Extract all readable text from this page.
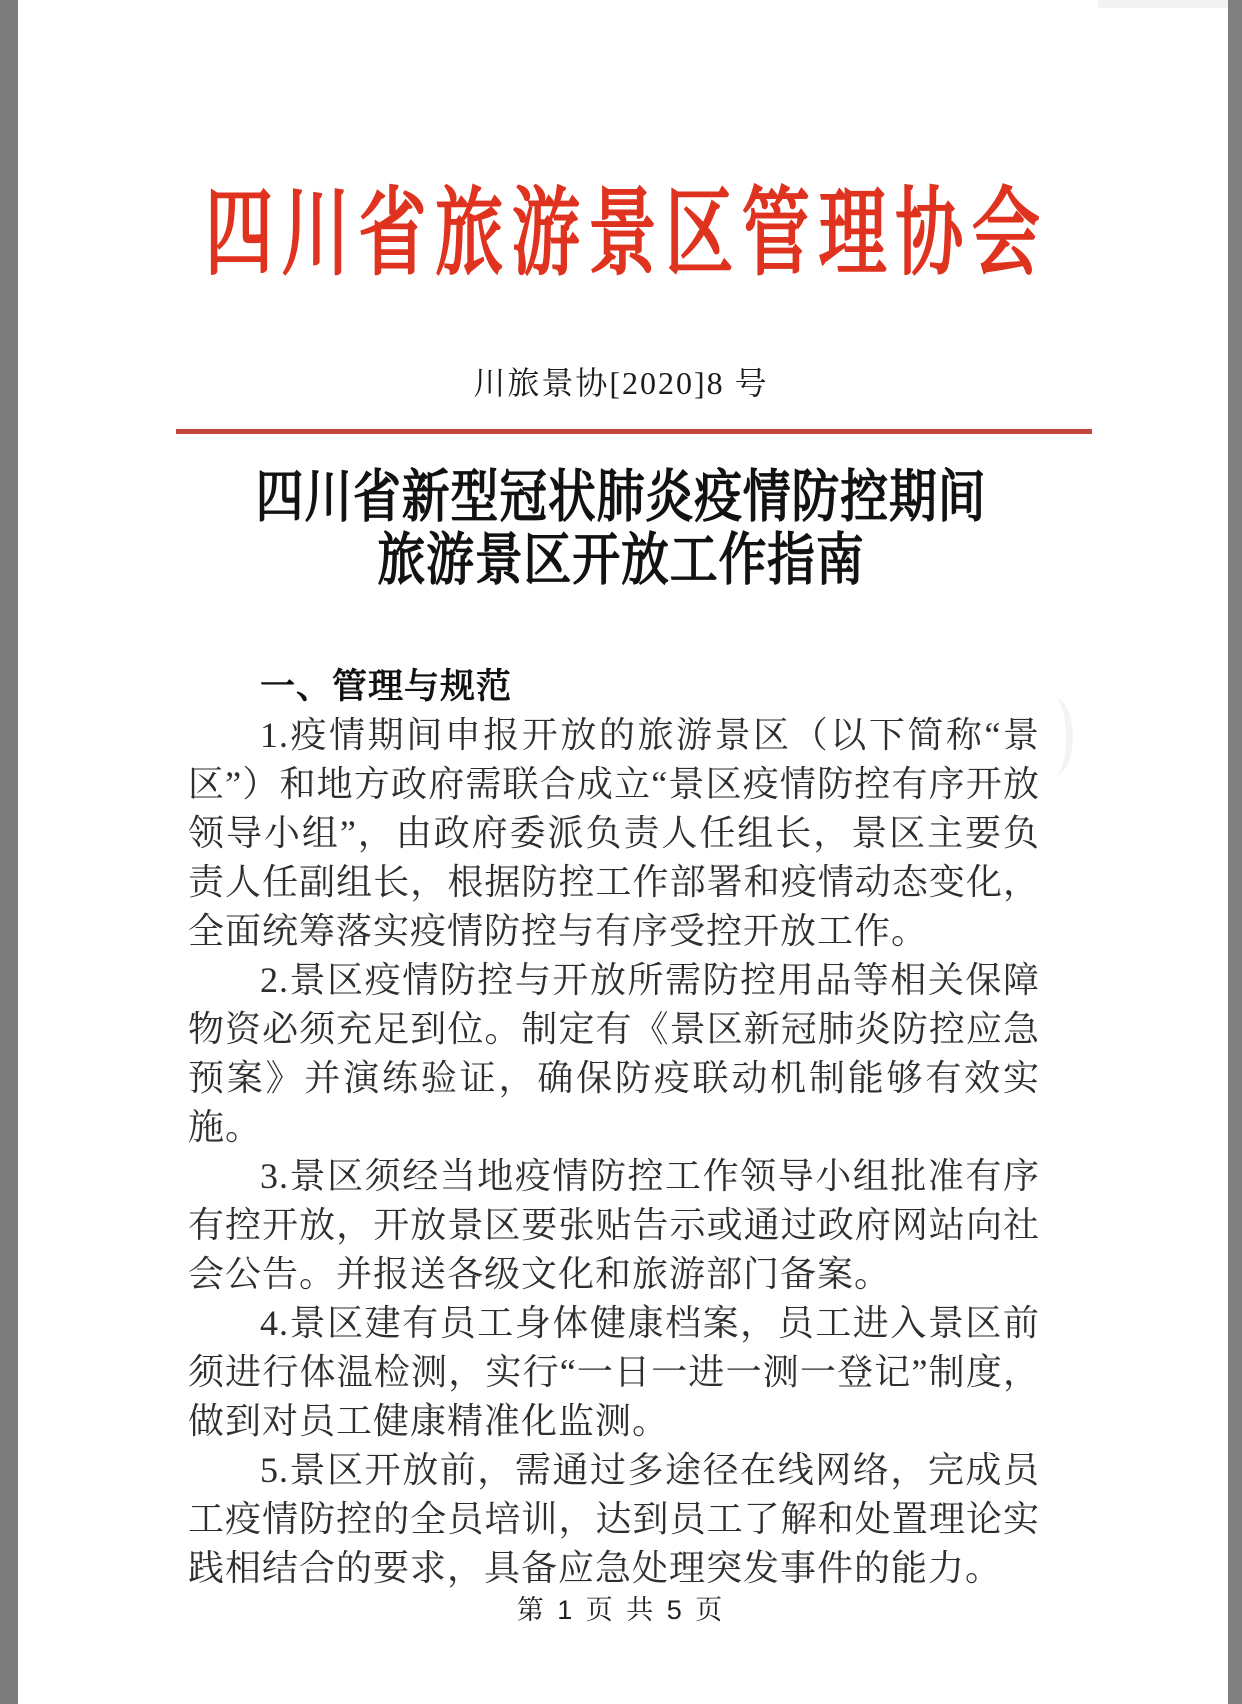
四川省旅游景区管理协会
川旅景协[2020]8 号
四川省新型冠状肺炎疫情防控期间
旅游景区开放工作指南

一、管理与规范

1.疫情期间申报开放的旅游景区（以下简称“景区”）和地方政府需联合成立“景区疫情防控有序开放领导小组”，由政府委派负责人任组长，景区主要负责人任副组长，根据防控工作部署和疫情动态变化，全面统筹落实疫情防控与有序受控开放工作。

2.景区疫情防控与开放所需防控用品等相关保障物资必须充足到位。制定有《景区新冠肺炎防控应急预案》并演练验证，确保防疫联动机制能够有效实施。

3.景区须经当地疫情防控工作领导小组批准有序有控开放，开放景区要张贴告示或通过政府网站向社会公告。并报送各级文化和旅游部门备案。

4.景区建有员工身体健康档案，员工进入景区前须进行体温检测，实行“一日一进一测一登记”制度，做到对员工健康精准化监测。

5.景区开放前，需通过多途径在线网络，完成员工疫情防控的全员培训，达到员工了解和处置理论实践相结合的要求，具备应急处理突发事件的能力。

第 1 页 共 5 页
